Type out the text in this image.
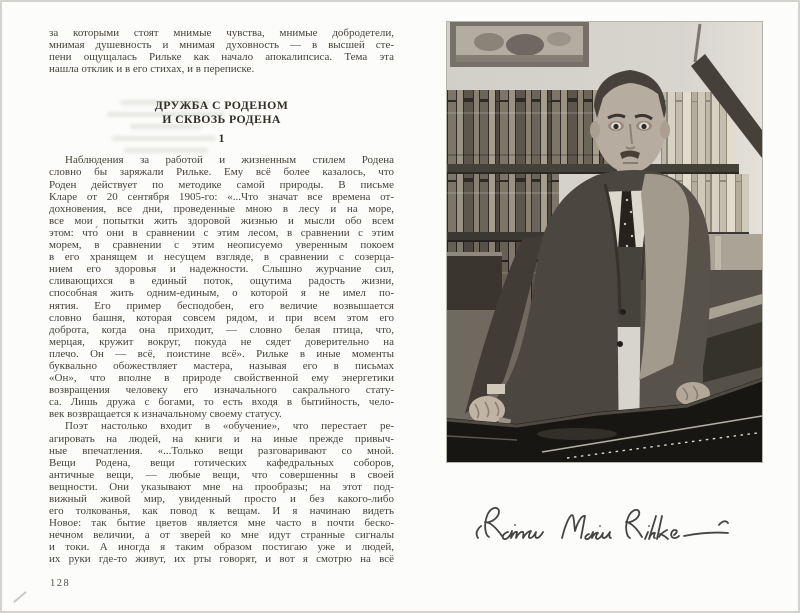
за которыми стоят мнимые чувства, мнимые добродетели,
мнимая душевность и мнимая духовность — в высшей сте-
пени ощущалась Рильке как начало апокалипсиса. Тема эта
нашла отклик и в его стихах, и в переписке.
ДРУЖБА С РОДЕНОМ
И СКВОЗЬ РОДЕНА
1
Наблюдения за работой и жизненным стилем Родена
словно бы заряжали Рильке. Ему всё более казалось, что
Роден действует по методике самой природы. В письме
Кларе от 20 сентября 1905-го: «...Что значат все времена от-
дохновения, все дни, проведенные мною в лесу и на море,
все мои попытки жить здоровой жизнью и мысли обо всем
этом: что́ они в сравнении с этим лесом, в сравнении с этим
морем, в сравнении с этим неописуемо уверенным покоем
в его хранящем и несущем взгляде, в сравнении с созерца-
нием его здоровья и надежности. Слышно журчание сил,
сливающихся в единый поток, ощутима радость жизни,
способная жить одним-единым, о которой я не имел по-
нятия. Его пример бесподобен, его величие возвышается
словно башня, которая совсем рядом, и при всем этом его
доброта, когда она приходит, — словно белая птица, что,
мерцая, кружит вокруг, покуда не сядет доверительно на
плечо. Он — всё, поистине всё». Рильке в иные моменты
буквально обожествляет мастера, называя его в письмах
«Он», что вполне в природе свойственной ему энергетики
возвращения человеку его изначального сакрального стату-
са. Лишь дружа с богами, то есть входя в бытийность, чело-
век возвращается к изначальному своему статусу.
Поэт настолько входит в «обучение», что перестает ре-
агировать на людей, на книги и на иные прежде привыч-
ные впечатления. «...Только вещи разговаривают со мной.
Вещи Родена, вещи готических кафедральных соборов,
античные вещи, — любые вещи, что совершенны в своей
вещности. Они указывают мне на прообразы; на этот под-
вижный живой мир, увиденный просто и без какого-либо
его толкованья, как повод к вещам. И я начинаю видеть
Новое: так бытие цветов является мне часто в почти беско-
нечном величии, а от зверей ко мне идут странные сигналы
и токи. А иногда я таким образом постигаю уже и людей,
их руки где-то живут, их рты говорят, и вот я смотрю на всё
128
